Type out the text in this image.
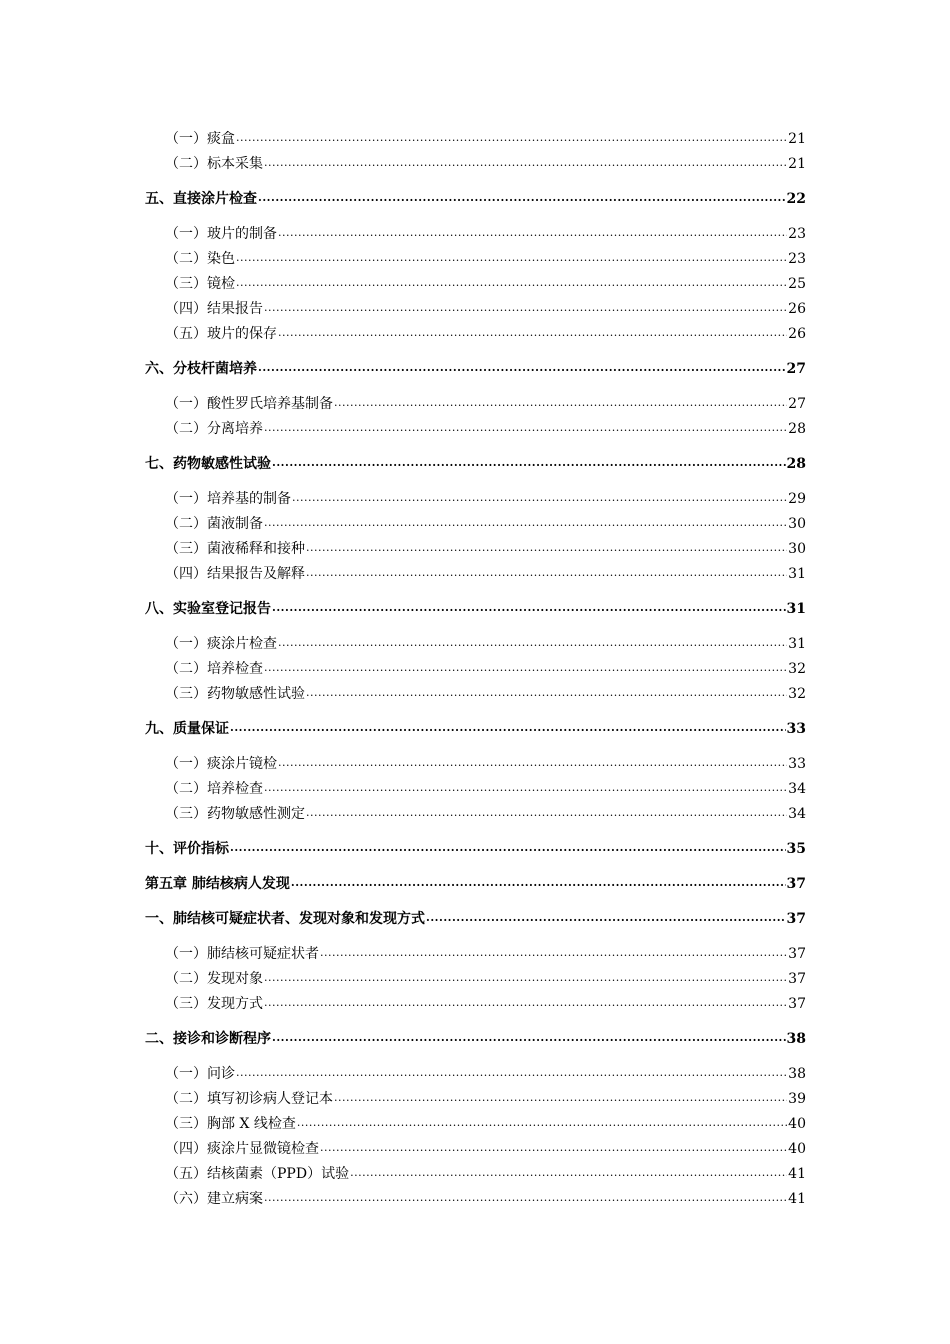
（一）痰盒 .....	21
（二）标本采集 .....	21
五、直接涂片检查 .....	22
（一）玻片的制备 .....	23
（二）染色 .....	23
（三）镜检 .....	25
（四）结果报告 .....	26
（五）玻片的保存 .....	26
六、分枝杆菌培养 .....	27
（一）酸性罗氏培养基制备 .....	27
（二）分离培养 .....	28
七、药物敏感性试验 .....	28
（一）培养基的制备 .....	29
（二）菌液制备 .....	30
（三）菌液稀释和接种 .....	30
（四）结果报告及解释 .....	31
八、实验室登记报告 .....	31
（一）痰涂片检查 .....	31
（二）培养检查 .....	32
（三）药物敏感性试验 .....	32
九、质量保证 .....	33
（一）痰涂片镜检 .....	33
（二）培养检查 .....	34
（三）药物敏感性测定 .....	34
十、评价指标 .....	35
第五章 肺结核病人发现 .....	37
一、肺结核可疑症状者、发现对象和发现方式 .....	37
（一）肺结核可疑症状者 .....	37
（二）发现对象 .....	37
（三）发现方式 .....	37
二、接诊和诊断程序 .....	38
（一）问诊 .....	38
（二）填写初诊病人登记本 .....	39
（三）胸部 X 线检查 .....	40
（四）痰涂片显微镜检查 .....	40
（五）结核菌素（PPD）试验 .....	41
（六）建立病案 .....	41
